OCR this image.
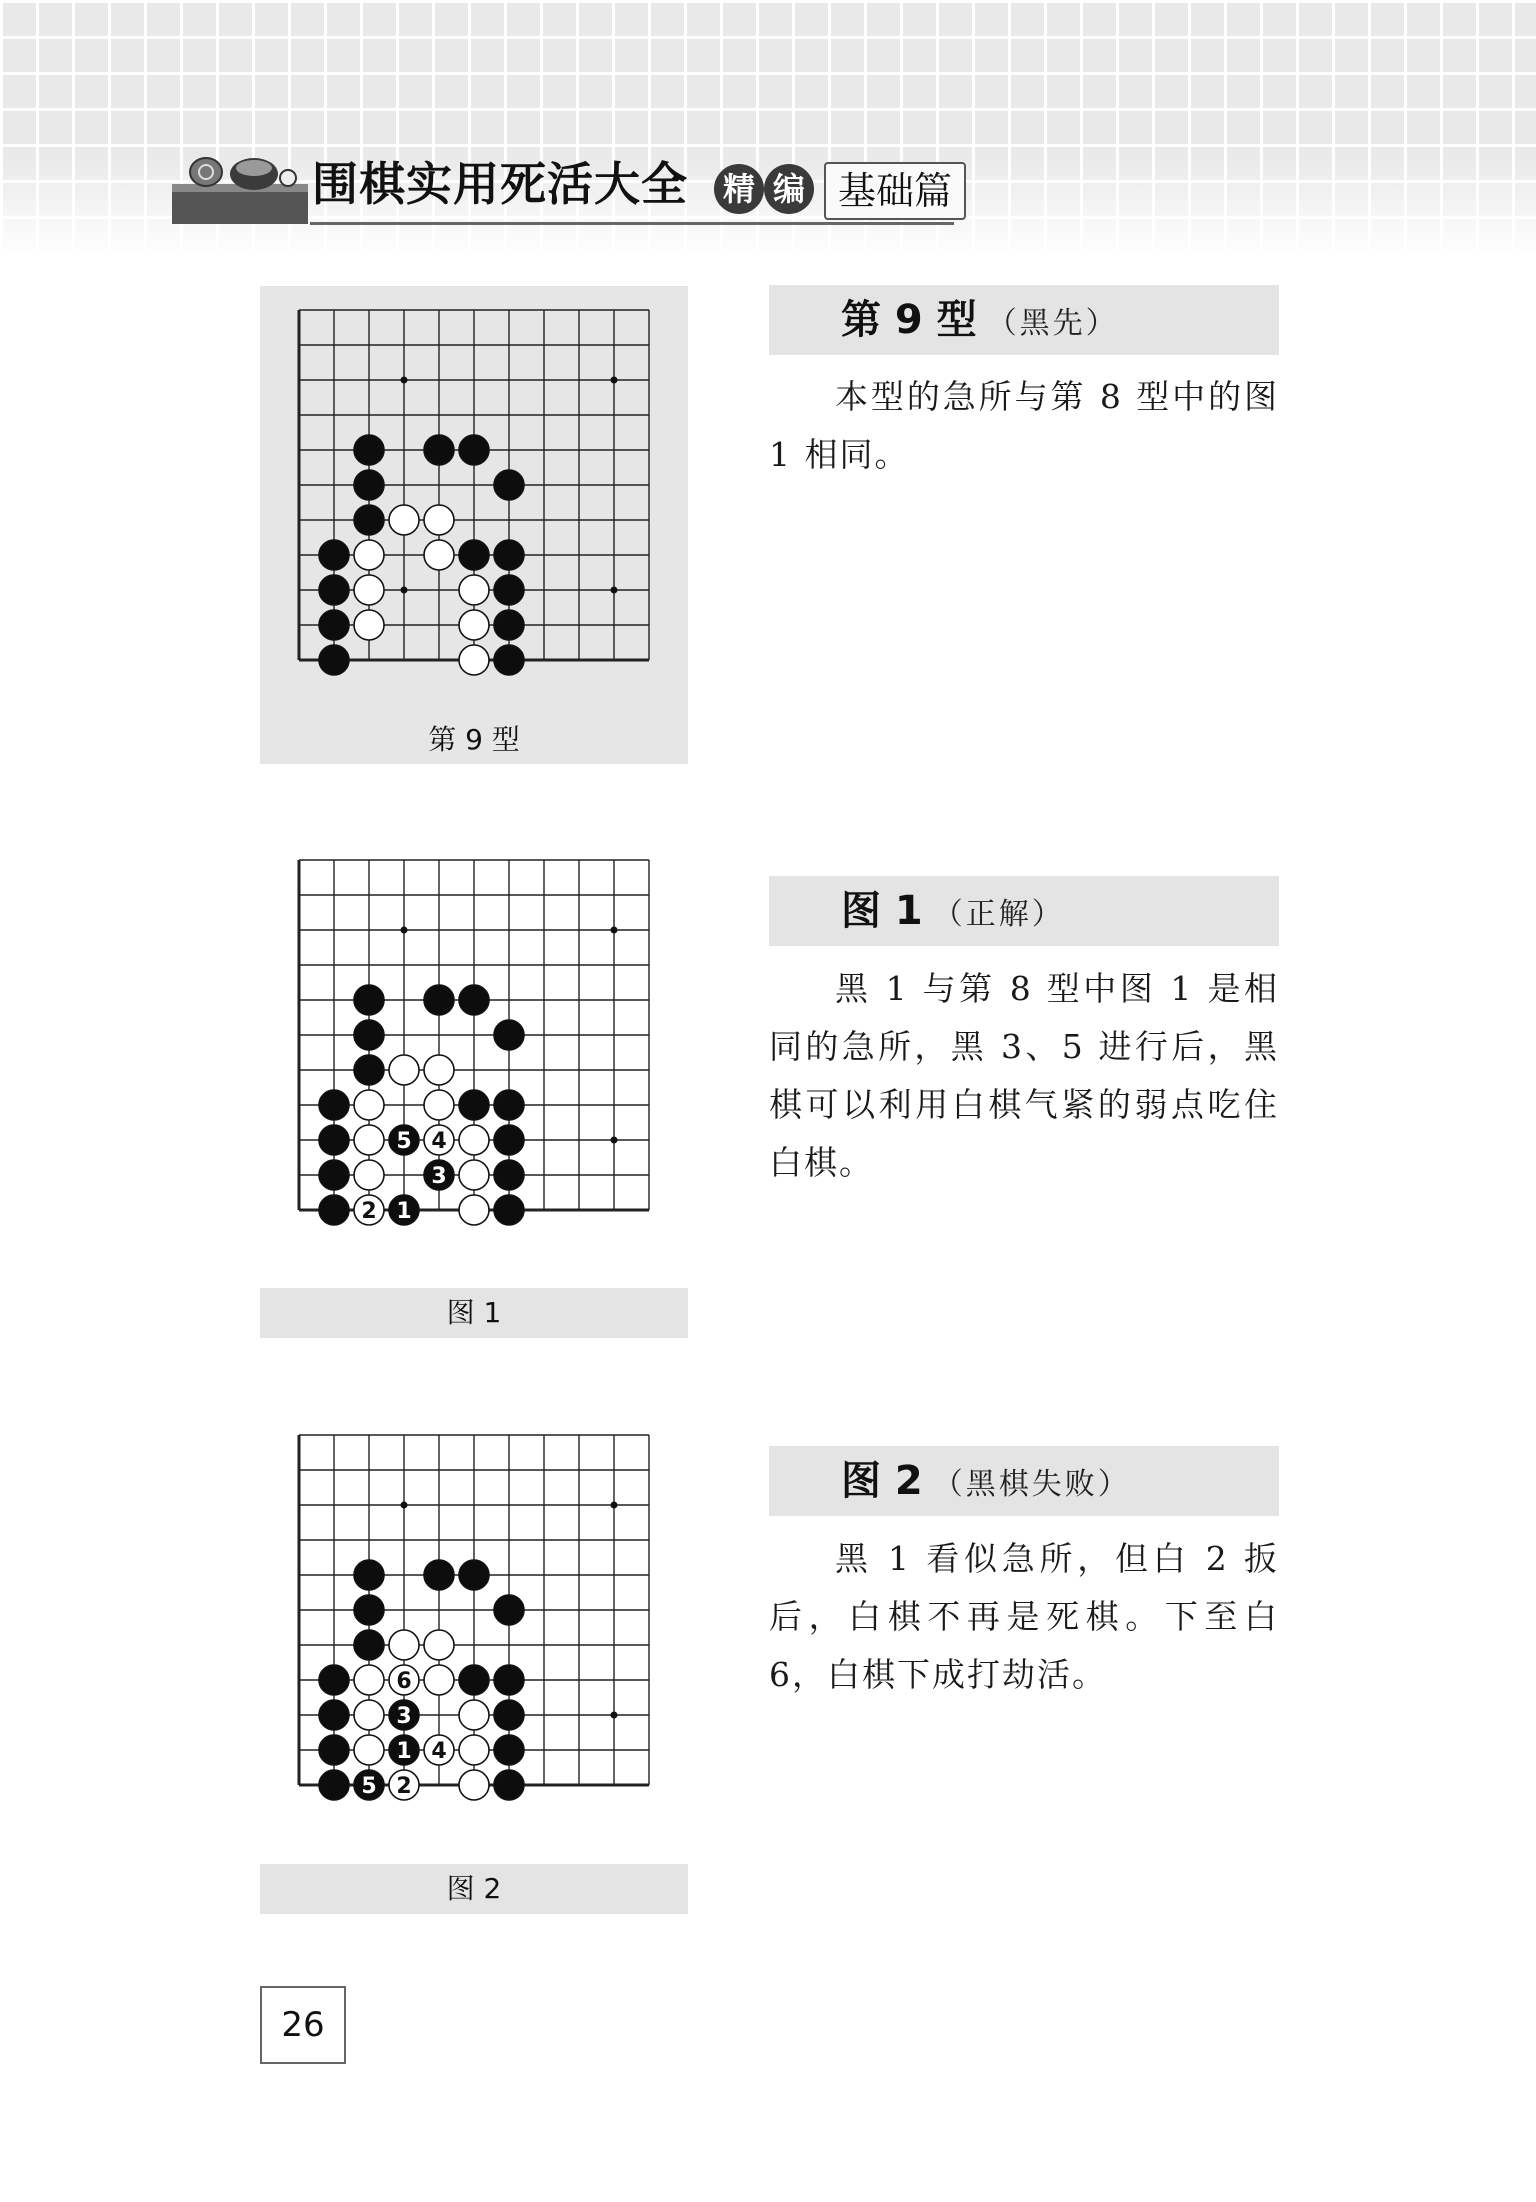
围棋实用死活大全 精 编 基础篇
第 9 型
1
2
3
4
5
图 1
1
2
3
4
5
6
图 2
第 9 型 （黑先）

本型的急所与第 8 型中的图 1 相同。

图 1 （正解）

黑 1 与第 8 型中图 1 是相同的急所，黑 3、5 进行后，黑棋可以利用白棋气紧的弱点吃住白棋。

图 2 （黑棋失败）

黑 1 看似急所，但白 2 扳后，白棋不再是死棋。下至白 6，白棋下成打劫活。

26
